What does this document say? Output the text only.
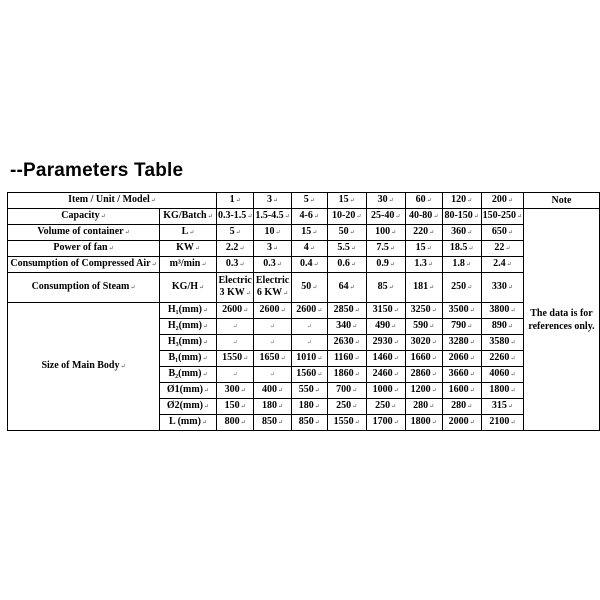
--Parameters Table
Item / Unit / Model↵		1↵	3↵	5↵	15↵	30↵	60↵	120↵	200↵	Note
Capacity↵	KG/Batch↵	0.3-1.5↵	1.5-4.5↵	4-6↵	10-20↵	25-40↵	40-80↵	80-150↵	150-250↵	The data is for references only.
Volume of container↵	L↵	5↵	10↵	15↵	50↵	100↵	220↵	360↵	650↵	
Power of fan↵	KW↵	2.2↵	3↵	4↵	5.5↵	7.5↵	15↵	18.5↵	22↵	
Consumption of Compressed Air↵	m³/min↵	0.3↵	0.3↵	0.4↵	0.6↵	0.9↵	1.3↵	1.8↵	2.4↵	
Consumption of Steam↵	KG/H↵	Electric 3 KW↵	Electric 6 KW↵	50↵	64↵	85↵	181↵	250↵	330↵	
Size of Main Body↵	H₁(mm)↵	2600↵	2600↵	2600↵	2850↵	3150↵	3250↵	3500↵	3800↵	
	H₂(mm)↵	↵	↵	↵	340↵	490↵	590↵	790↵	890↵	
	H₃(mm)↵	↵	↵	↵	2630↵	2930↵	3020↵	3280↵	3580↵	
	B₁(mm)↵	1550↵	1650↵	1010↵	1160↵	1460↵	1660↵	2060↵	2260↵	
	B₂(mm)↵	↵	↵	1560↵	1860↵	2460↵	2860↵	3660↵	4060↵	
	Ø1(mm)↵	300↵	400↵	550↵	700↵	1000↵	1200↵	1600↵	1800↵	
	Ø2(mm)↵	150↵	180↵	180↵	250↵	250↵	280↵	280↵	315↵	
	L (mm)↵	800↵	850↵	850↵	1550↵	1700↵	1800↵	2000↵	2100↵	
